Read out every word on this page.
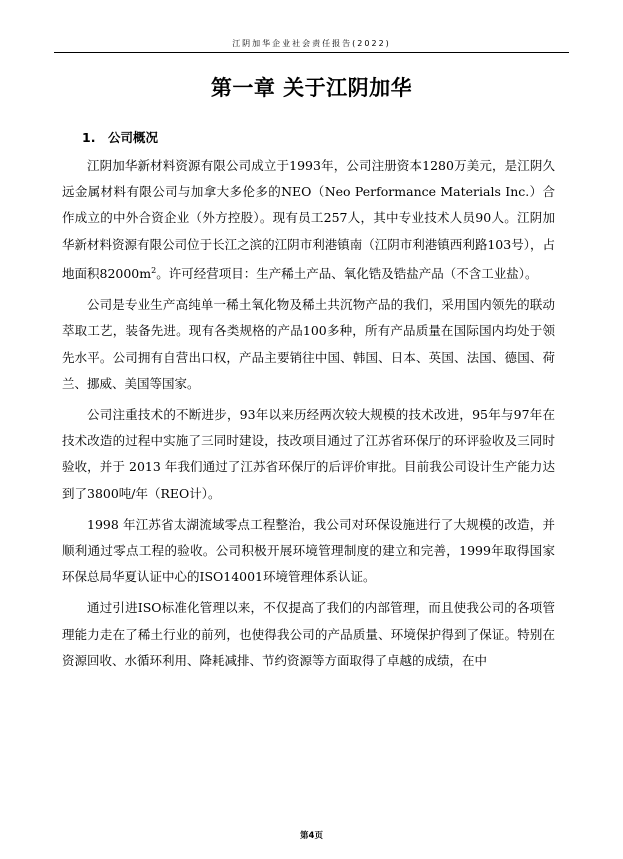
江阴加华企业社会责任报告(2022)
第一章 关于江阴加华
1. 公司概况

江阴加华新材料资源有限公司成立于1993年，公司注册资本1280万美元，是江阴久远金属材料有限公司与加拿大多伦多的NEO（Neo Performance Materials Inc.）合作成立的中外合资企业（外方控股）。现有员工257人，其中专业技术人员90人。江阴加华新材料资源有限公司位于长江之滨的江阴市利港镇南（江阴市利港镇西利路103号），占地面积$82000m^2$。许可经营项目：生产稀土产品、氧化锆及锆盐产品（不含工业盐）。

公司是专业生产高纯单一稀土氧化物及稀土共沉物产品的我们，采用国内领先的联动萃取工艺，装备先进。现有各类规格的产品100多种，所有产品质量在国际国内均处于领先水平。公司拥有自营出口权，产品主要销往中国、韩国、日本、英国、法国、德国、荷兰、挪威、美国等国家。

公司注重技术的不断进步，93年以来历经两次较大规模的技术改进，95年与97年在技术改造的过程中实施了三同时建设，技改项目通过了江苏省环保厅的环评验收及三同时验收，并于 2013 年我们通过了江苏省环保厅的后评价审批。目前我公司设计生产能力达到了3800吨/年（REO计）。

1998 年江苏省太湖流域零点工程整治，我公司对环保设施进行了大规模的改造，并顺利通过零点工程的验收。公司积极开展环境管理制度的建立和完善，1999年取得国家环保总局华夏认证中心的ISO14001环境管理体系认证。

通过引进ISO标准化管理以来，不仅提高了我们的内部管理，而且使我公司的各项管理能力走在了稀土行业的前列，也使得我公司的产品质量、环境保护得到了保证。特别在资源回收、水循环利用、降耗减排、节约资源等方面取得了卓越的成绩，在中

第4页
